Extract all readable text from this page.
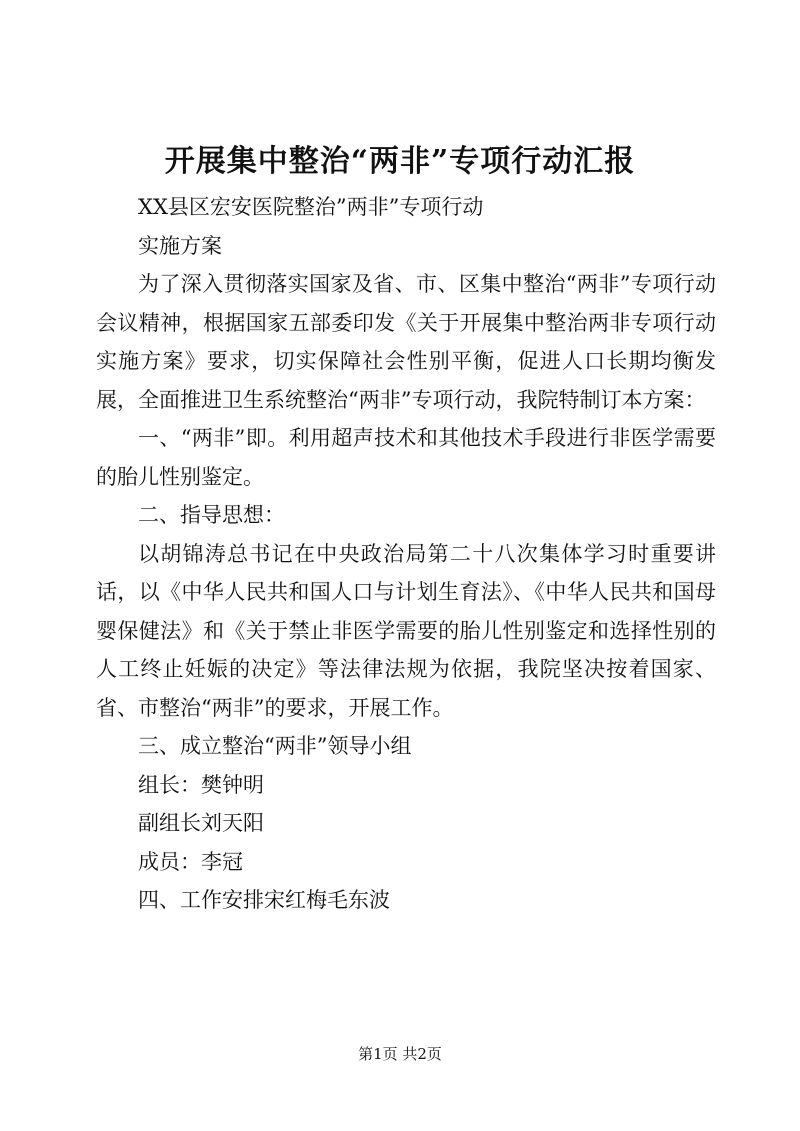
开展集中整治“两非”专项行动汇报

XX县区宏安医院整治”两非”专项行动

实施方案

为了深入贯彻落实国家及省、市、区集中整治“两非”专项行动会议精神，根据国家五部委印发《关于开展集中整治两非专项行动实施方案》要求，切实保障社会性别平衡，促进人口长期均衡发展，全面推进卫生系统整治“两非”专项行动，我院特制订本方案：

一、“两非”即。利用超声技术和其他技术手段进行非医学需要的胎儿性别鉴定。

二、指导思想：

以胡锦涛总书记在中央政治局第二十八次集体学习时重要讲话，以《中华人民共和国人口与计划生育法》、《中华人民共和国母婴保健法》和《关于禁止非医学需要的胎儿性别鉴定和选择性别的人工终止妊娠的决定》等法律法规为依据，我院坚决按着国家、省、市整治“两非”的要求，开展工作。

三、成立整治“两非”领导小组

组长：樊钟明

副组长刘天阳

成员：李冠

四、工作安排宋红梅毛东波

第1页 共2页
